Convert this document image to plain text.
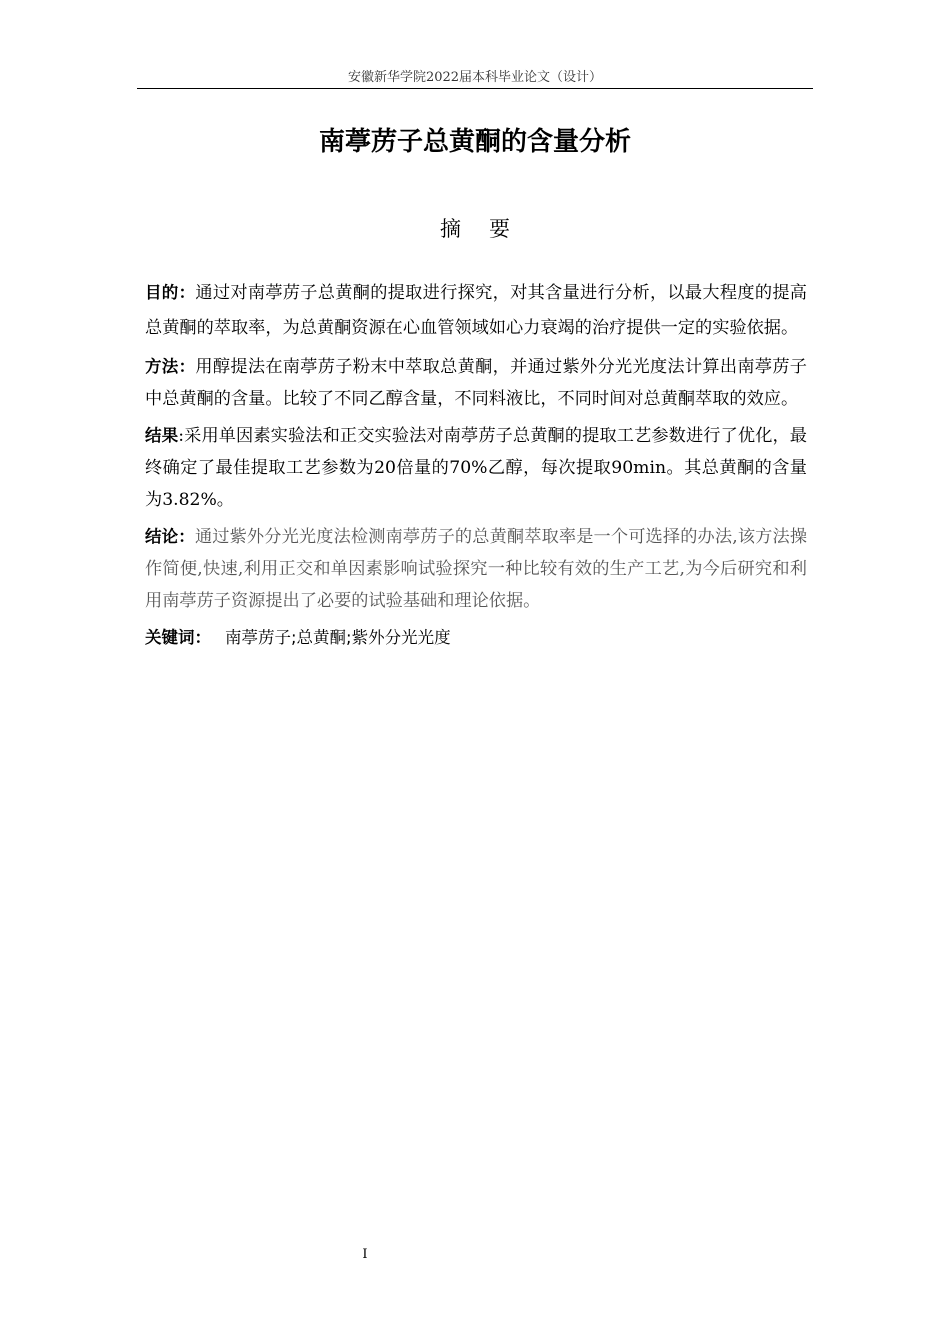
安徽新华学院2022届本科毕业论文（设计）
南葶苈子总黄酮的含量分析
摘要

目的：通过对南葶苈子总黄酮的提取进行探究，对其含量进行分析，以最大程度的提高总黄酮的萃取率，为总黄酮资源在心血管领域如心力衰竭的治疗提供一定的实验依据。

方法：用醇提法在南葶苈子粉末中萃取总黄酮，并通过紫外分光光度法计算出南葶苈子中总黄酮的含量。比较了不同乙醇含量，不同料液比，不同时间对总黄酮萃取的效应。

结果:采用单因素实验法和正交实验法对南葶苈子总黄酮的提取工艺参数进行了优化，最终确定了最佳提取工艺参数为20倍量的70%乙醇，每次提取90min。其总黄酮的含量为3.82%。

结论：通过紫外分光光度法检测南葶苈子的总黄酮萃取率是一个可选择的办法,该方法操作简便,快速,利用正交和单因素影响试验探究一种比较有效的生产工艺,为今后研究和利用南葶苈子资源提出了必要的试验基础和理论依据。

关键词： 南葶苈子;总黄酮;紫外分光光度
I
